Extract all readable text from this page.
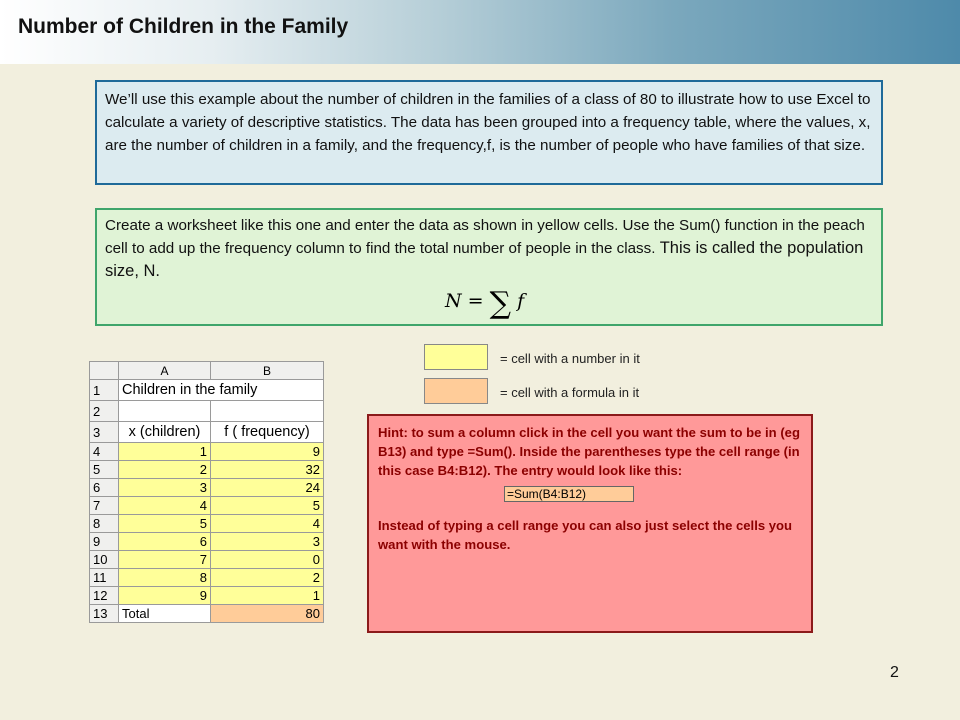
Number of Children in the Family
We’ll use this example about the number of children in the families of a class of 80 to illustrate how to use Excel to calculate a variety of descriptive statistics. The data has been grouped into a frequency table, where the values, x, are the number of children in a family, and the frequency,f, is the number of people who have families of that size.
Create a worksheet like this one and enter the data as shown in yellow cells. Use the Sum() function in the peach cell to add up the frequency column to find the total number of people in the class. This is called the population size, N.
N = ∑ f
= cell with a number in it
= cell with a formula in it
	A	B
1	Children in the family	
2		
3	x (children)	f ( frequency)
4	1	9
5	2	32
6	3	24
7	4	5
8	5	4
9	6	3
10	7	0
11	8	2
12	9	1
13	Total	80
Hint: to sum a column click in the cell you want the sum to be in (eg B13) and type =Sum(). Inside the parentheses type the cell range (in this case B4:B12). The entry would look like this:
=Sum(B4:B12)
Instead of typing a cell range you can also just select the cells you want with the mouse.
2
